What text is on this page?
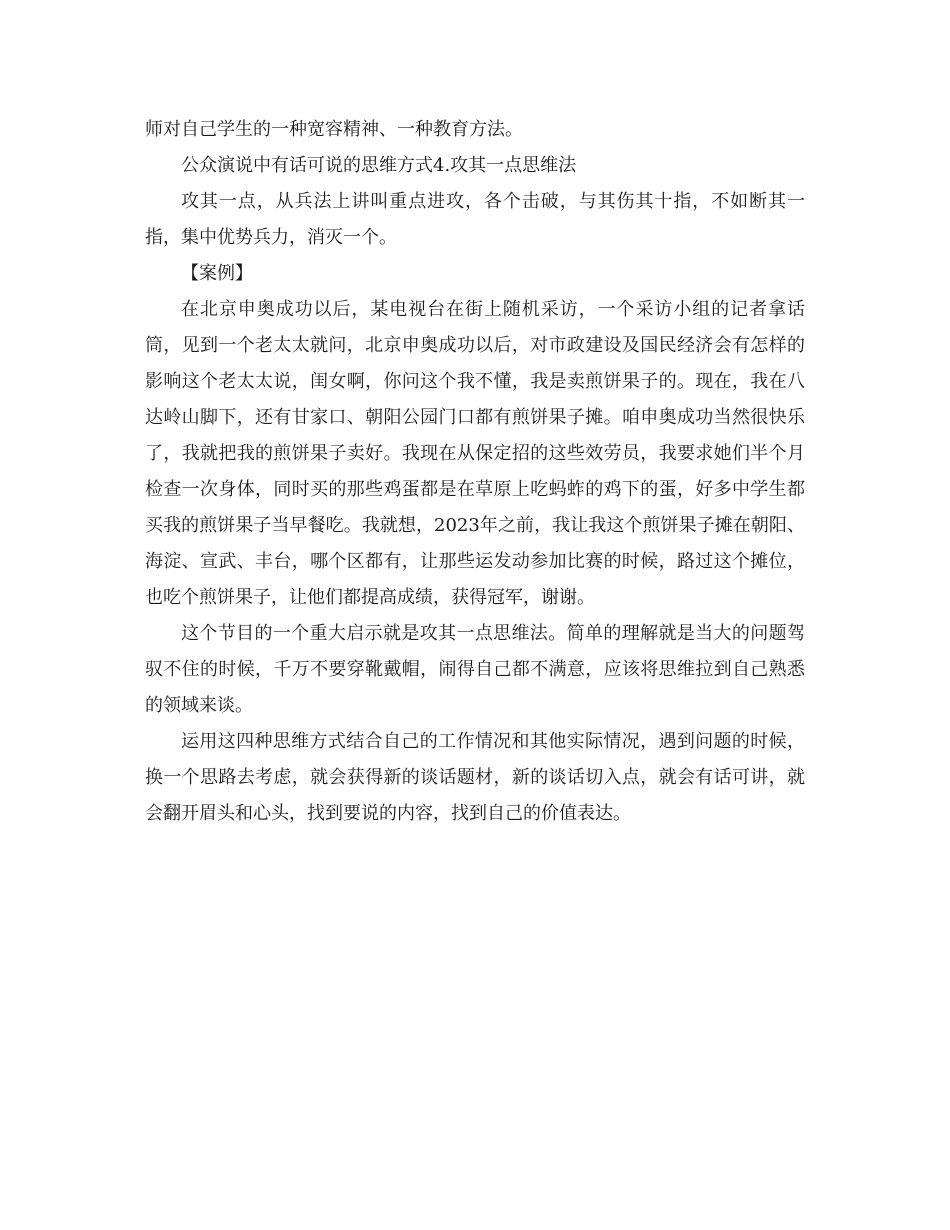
师对自己学生的一种宽容精神、一种教育方法。

公众演说中有话可说的思维方式4.攻其一点思维法

攻其一点，从兵法上讲叫重点进攻，各个击破，与其伤其十指，不如断其一指，集中优势兵力，消灭一个。

【案例】

在北京申奥成功以后，某电视台在街上随机采访，一个采访小组的记者拿话筒，见到一个老太太就问，北京申奥成功以后，对市政建设及国民经济会有怎样的影响这个老太太说，闺女啊，你问这个我不懂，我是卖煎饼果子的。现在，我在八达岭山脚下，还有甘家口、朝阳公园门口都有煎饼果子摊。咱申奥成功当然很快乐了，我就把我的煎饼果子卖好。我现在从保定招的这些效劳员，我要求她们半个月检查一次身体，同时买的那些鸡蛋都是在草原上吃蚂蚱的鸡下的蛋，好多中学生都买我的煎饼果子当早餐吃。我就想，2023年之前，我让我这个煎饼果子摊在朝阳、海淀、宣武、丰台，哪个区都有，让那些运发动参加比赛的时候，路过这个摊位，也吃个煎饼果子，让他们都提高成绩，获得冠军，谢谢。

这个节目的一个重大启示就是攻其一点思维法。简单的理解就是当大的问题驾驭不住的时候，千万不要穿靴戴帽，闹得自己都不满意，应该将思维拉到自己熟悉的领域来谈。

运用这四种思维方式结合自己的工作情况和其他实际情况，遇到问题的时候，换一个思路去考虑，就会获得新的谈话题材，新的谈话切入点，就会有话可讲，就会翻开眉头和心头，找到要说的内容，找到自己的价值表达。
